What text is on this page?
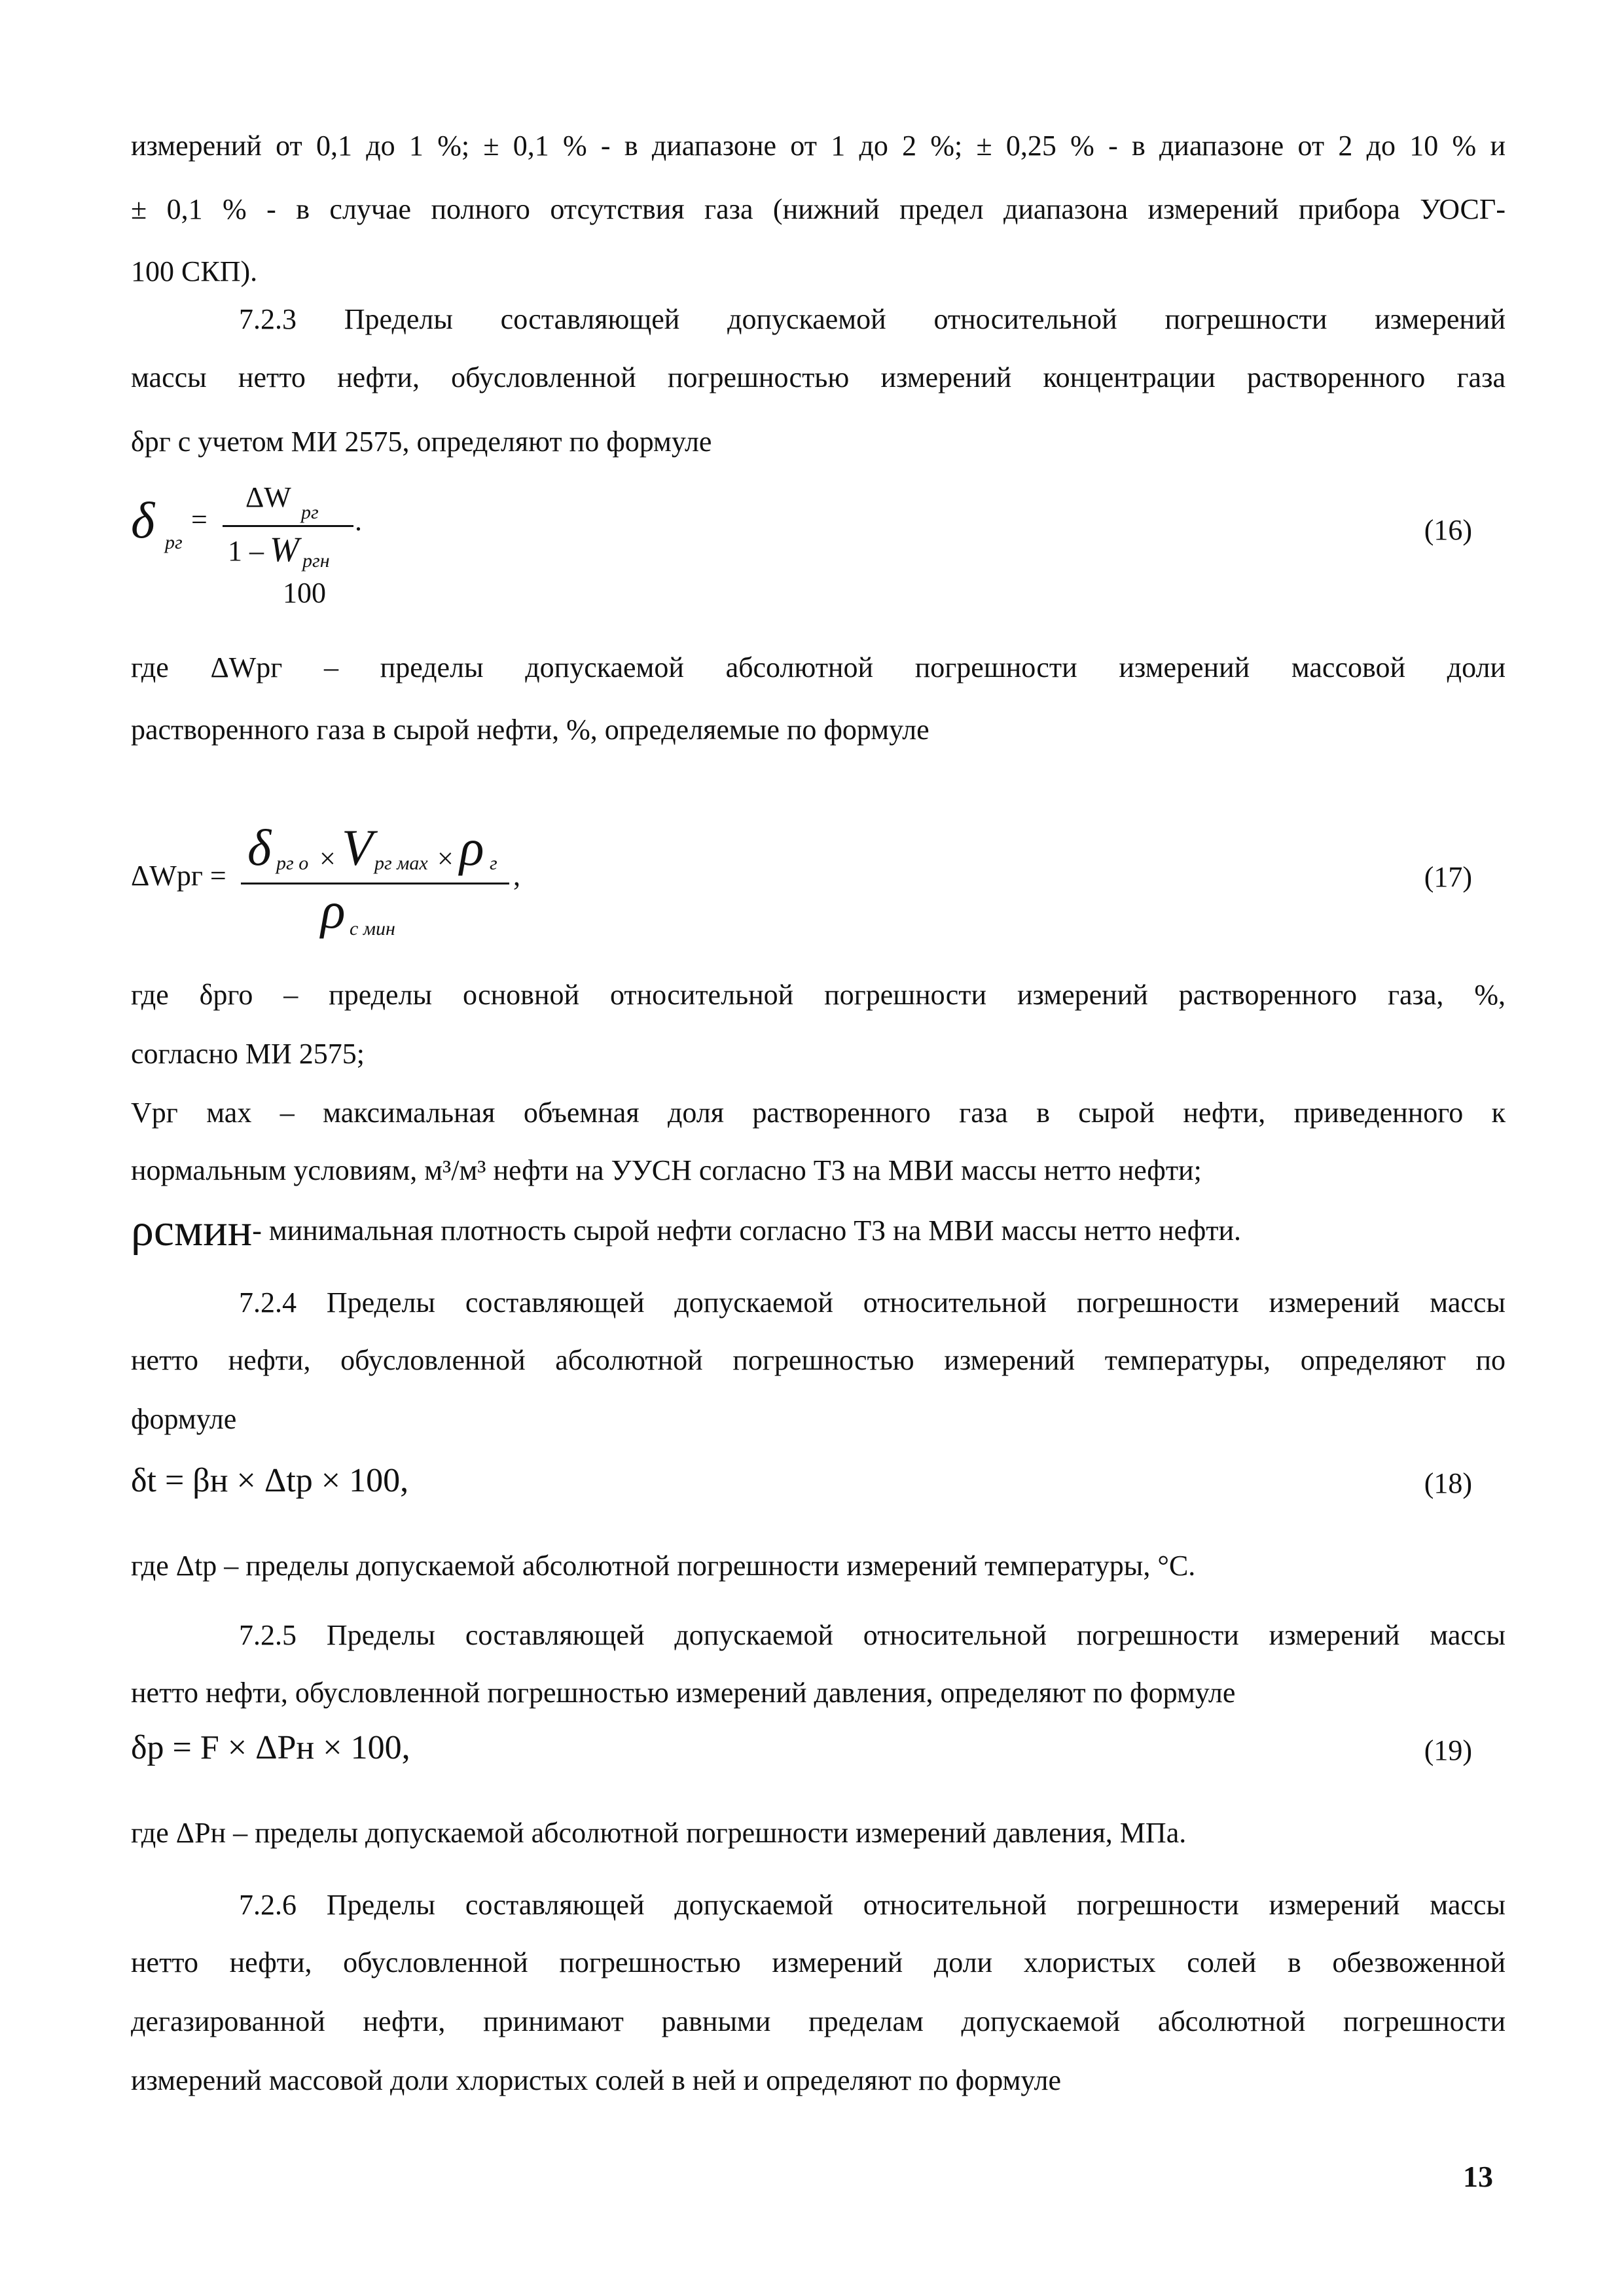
измерений от 0,1 до 1 %; ± 0,1 % - в диапазоне от 1 до 2 %; ± 0,25 % - в диапазоне от 2 до 10 % и
± 0,1 % - в случае полного отсутствия газа (нижний предел диапазона измерений прибора УОСГ-
100 СКП).
7.2.3 Пределы составляющей допускаемой относительной погрешности измерений
массы нетто нефти, обусловленной погрешностью измерений концентрации растворенного газа
δрг с учетом МИ 2575, определяют по формуле
δ рг
=
ΔW рг
1 – W ргн
100
.	(16)
где ΔWрг – пределы допускаемой абсолютной погрешности измерений массовой доли
растворенного газа в сырой нефти, %, определяемые по формуле
ΔWрг = δ рг о × V рг мах × ρ г
ρ с мин
,	(17)
где δрго – пределы основной относительной погрешности измерений растворенного газа, %,
согласно МИ 2575;
Vрг мах – максимальная объемная доля растворенного газа в сырой нефти, приведенного к
нормальным условиям, м³/м³ нефти на УУСН согласно ТЗ на МВИ массы нетто нефти;
ρсмин- минимальная плотность сырой нефти согласно ТЗ на МВИ массы нетто нефти.
7.2.4 Пределы составляющей допускаемой относительной погрешности измерений массы
нетто нефти, обусловленной абсолютной погрешностью измерений температуры, определяют по
формуле
δt = βн × Δtр × 100,	(18)
где Δtр – пределы допускаемой абсолютной погрешности измерений температуры, °С.
7.2.5 Пределы составляющей допускаемой относительной погрешности измерений массы
нетто нефти, обусловленной погрешностью измерений давления, определяют по формуле
δр = F × ΔPн × 100,	(19)
где ΔPн – пределы допускаемой абсолютной погрешности измерений давления, МПа.
7.2.6 Пределы составляющей допускаемой относительной погрешности измерений массы
нетто нефти, обусловленной погрешностью измерений доли хлористых солей в обезвоженной
дегазированной нефти, принимают равными пределам допускаемой абсолютной погрешности
измерений массовой доли хлористых солей в ней и определяют по формуле
13
